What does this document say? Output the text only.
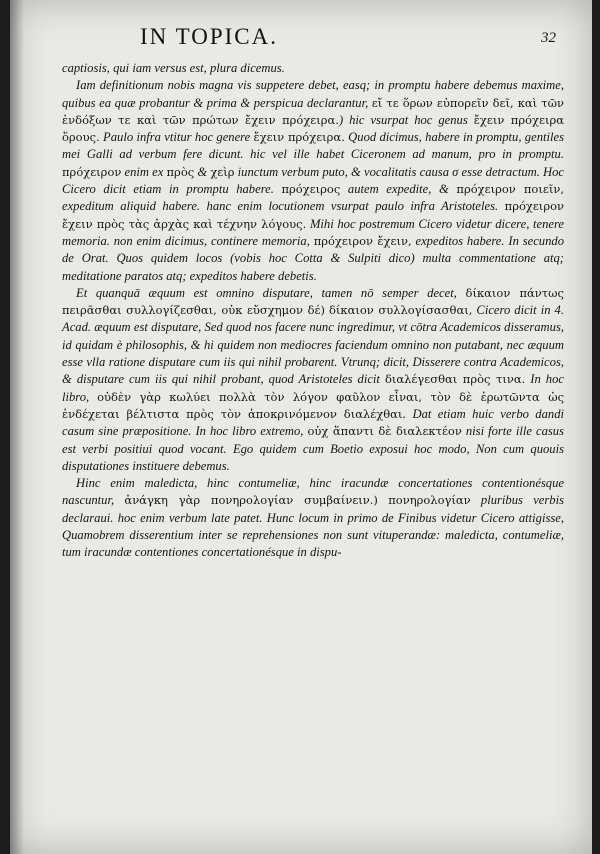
IN TOPICA.	32

captiosis, qui iam versus est, plura dicemus.

Iam definitionum nobis magna vis suppetere debet, easq; in promptu habere debemus maxime, quibus ea quæ probantur & prima & perspicua declarantur, εἴ τε ὅρων εὐπορεῖν δεῖ, καὶ τῶν ἐνδόξων τε καὶ τῶν πρώτων ἔχειν πρόχειρα.) hic vsurpat hoc genus ἔχειν πρόχειρα ὅρους. Paulo infra vtitur hoc genere ἔχειν πρόχειρα. Quod dicimus, habere in promptu, gentiles mei Galli ad verbum fere dicunt. hic vel ille habet Ciceronem ad manum, pro in promptu. πρόχειρον enim ex πρὸς & χεὶρ iunctum verbum puto, & vocalitatis causa σ esse detractum. Hoc Cicero dicit etiam in promptu habere. πρόχειρος autem expedite, & πρόχειρον ποιεῖν, expeditum aliquid habere. hanc enim locutionem vsurpat paulo infra Aristoteles. πρόχειρον ἔχειν πρὸς τὰς ἀρχὰς καὶ τέχνην λόγους. Mihi hoc postremum Cicero videtur dicere, tenere memoria. non enim dicimus, continere memoria, πρόχειρον ἔχειν, expeditos habere. In secundo de Orat. Quos quidem locos (vobis hoc Cotta & Sulpiti dico) multa commentatione atq; meditatione paratos atq; expeditos habere debetis.

Et quanquā æquum est omnino disputare, tamen nō semper decet, δίκαιον πάντως πειρᾶσθαι συλλογίζεσθαι, οὐκ εὔσχημον δέ) δίκαιον συλλογίσασθαι, Cicero dicit in 4. Acad. æquum est disputare, Sed quod nos facere nunc ingredimur, vt cōtra Academicos disseramus, id quidam è philosophis, & hi quidem non mediocres faciendum omnino non putabant, nec æquum esse vlla ratione disputare cum iis qui nihil probarent. Vtrunq; dicit, Disserere contra Academicos, & disputare cum iis qui nihil probant, quod Aristoteles dicit διαλέγεσθαι πρὸς τινα. In hoc libro, οὐδὲν γὰρ κωλύει πολλὰ τὸν λόγον φαῦλον εἶναι, τὸν δὲ ἐρωτῶντα ὡς ἐνδέχεται βέλτιστα πρὸς τὸν ἀποκρινόμενον διαλέχθαι. Dat etiam huic verbo dandi casum sine præpositione. In hoc libro extremo, οὐχ ἅπαντι δὲ διαλεκτέον nisi forte ille casus est verbi positiui quod vocant. Ego quidem cum Boetio exposui hoc modo, Non cum quouis disputationes instituere debemus.

Hinc enim maledicta, hinc contumeliæ, hinc iracundæ concertationes contentionésque nascuntur, ἀνάγκη γὰρ πονηρολογίαν συμβαίνειν.) πονηρολογίαν pluribus verbis declaraui. hoc enim verbum late patet. Hunc locum in primo de Finibus videtur Cicero attigisse, Quamobrem disserentium inter se reprehensiones non sunt vituperandæ: maledicta, contumeliæ, tum iracundæ contentiones concertationésque in dispu-
